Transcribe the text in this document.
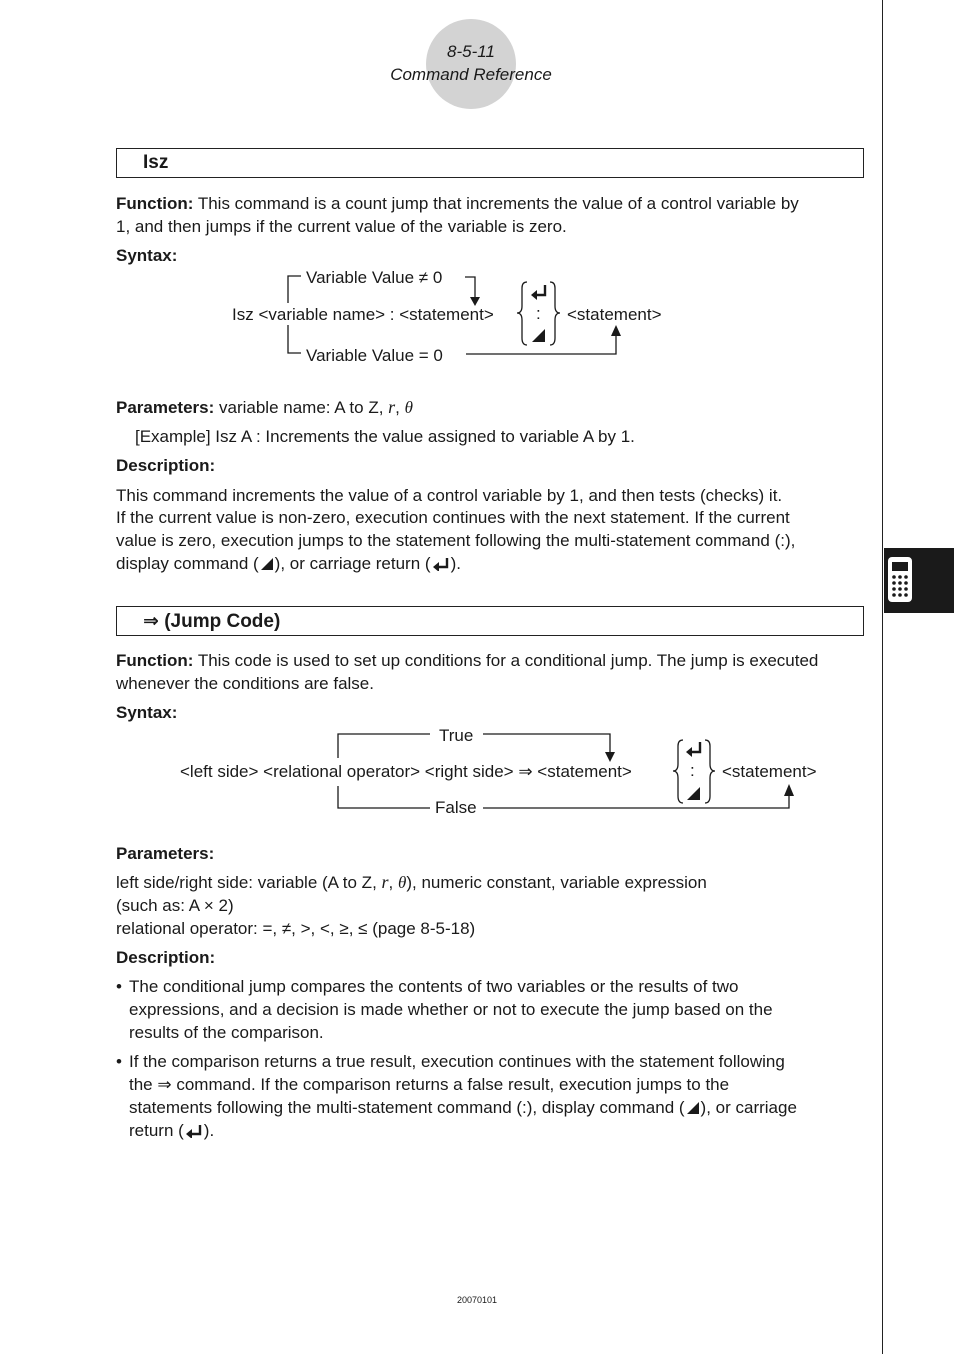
8-5-11
Command Reference
Isz
Function: This command is a count jump that increments the value of a control variable by
1, and then jumps if the current value of the variable is zero.
Syntax:
Variable Value ≠ 0
Isz <variable name> : <statement> : <statement>
Variable Value = 0
Parameters: variable name: A to Z, r, θ
[Example] Isz A : Increments the value assigned to variable A by 1.
Description:
This command increments the value of a control variable by 1, and then tests (checks) it.
If the current value is non-zero, execution continues with the next statement. If the current
value is zero, execution jumps to the statement following the multi-statement command (:),
display command ( ), or carriage return ( ).
⇒ (Jump Code)
Function: This code is used to set up conditions for a conditional jump. The jump is executed
whenever the conditions are false.
Syntax:
True
<left side> <relational operator> <right side> ⇒ <statement>	: <statement>
False
Parameters:
left side/right side: variable (A to Z, r, θ), numeric constant, variable expression
(such as: A × 2)
relational operator: =, ≠, >, <, ≥, ≤ (page 8-5-18)
Description:
• The conditional jump compares the contents of two variables or the results of two
expressions, and a decision is made whether or not to execute the jump based on the
results of the comparison.
• If the comparison returns a true result, execution continues with the statement following
the ⇒ command. If the comparison returns a false result, execution jumps to the
statements following the multi-statement command (:), display command ( ), or carriage
return ( ).
20070101
